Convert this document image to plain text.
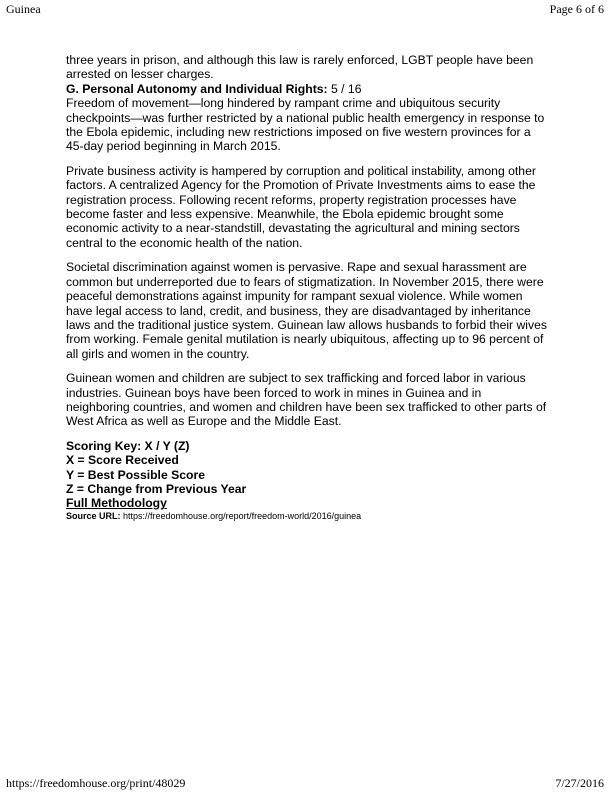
Guinea	Page 6 of 6

three years in prison, and although this law is rarely enforced, LGBT people have been arrested on lesser charges.

G. Personal Autonomy and Individual Rights: 5 / 16

Freedom of movement—long hindered by rampant crime and ubiquitous security checkpoints—was further restricted by a national public health emergency in response to the Ebola epidemic, including new restrictions imposed on five western provinces for a 45-day period beginning in March 2015.

Private business activity is hampered by corruption and political instability, among other factors. A centralized Agency for the Promotion of Private Investments aims to ease the registration process. Following recent reforms, property registration processes have become faster and less expensive. Meanwhile, the Ebola epidemic brought some economic activity to a near-standstill, devastating the agricultural and mining sectors central to the economic health of the nation.

Societal discrimination against women is pervasive. Rape and sexual harassment are common but underreported due to fears of stigmatization. In November 2015, there were peaceful demonstrations against impunity for rampant sexual violence. While women have legal access to land, credit, and business, they are disadvantaged by inheritance laws and the traditional justice system. Guinean law allows husbands to forbid their wives from working. Female genital mutilation is nearly ubiquitous, affecting up to 96 percent of all girls and women in the country.

Guinean women and children are subject to sex trafficking and forced labor in various industries. Guinean boys have been forced to work in mines in Guinea and in neighboring countries, and women and children have been sex trafficked to other parts of West Africa as well as Europe and the Middle East.

Scoring Key: X / Y (Z)

X = Score Received

Y = Best Possible Score

Z = Change from Previous Year

Full Methodology

Source URL: https://freedomhouse.org/report/freedom-world/2016/guinea

https://freedomhouse.org/print/48029	7/27/2016
